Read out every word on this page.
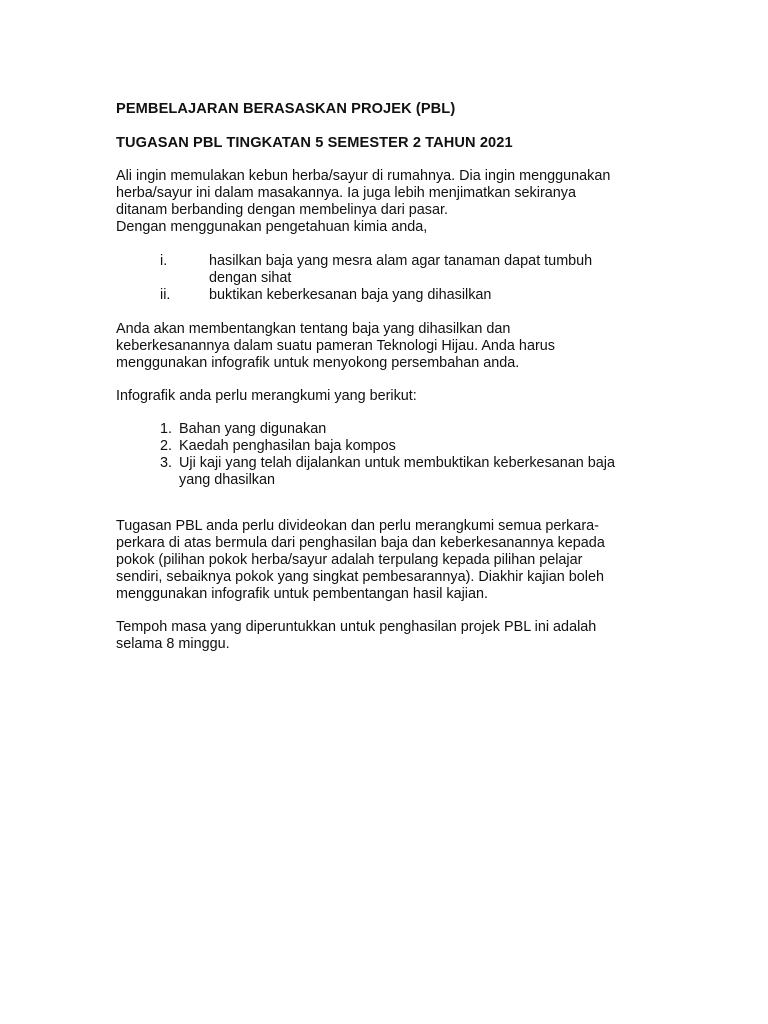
PEMBELAJARAN BERASASKAN PROJEK (PBL)
TUGASAN PBL TINGKATAN 5 SEMESTER 2 TAHUN 2021
Ali ingin memulakan kebun herba/sayur di rumahnya. Dia ingin menggunakan
herba/sayur ini dalam masakannya. Ia juga lebih menjimatkan sekiranya
ditanam berbanding dengan membelinya dari pasar.
Dengan menggunakan pengetahuan kimia anda,
i.	hasilkan baja yang mesra alam agar tanaman dapat tumbuh
dengan sihat
ii.	buktikan keberkesanan baja yang dihasilkan
Anda akan membentangkan tentang baja yang dihasilkan dan
keberkesanannya dalam suatu pameran Teknologi Hijau. Anda harus
menggunakan infografik untuk menyokong persembahan anda.
Infografik anda perlu merangkumi yang berikut:
1. Bahan yang digunakan
2. Kaedah penghasilan baja kompos
3. Uji kaji yang telah dijalankan untuk membuktikan keberkesanan baja
yang dhasilkan
Tugasan PBL anda perlu divideokan dan perlu merangkumi semua perkara-
perkara di atas bermula dari penghasilan baja dan keberkesanannya kepada
pokok (pilihan pokok herba/sayur adalah terpulang kepada pilihan pelajar
sendiri, sebaiknya pokok yang singkat pembesarannya). Diakhir kajian boleh
menggunakan infografik untuk pembentangan hasil kajian.
Tempoh masa yang diperuntukkan untuk penghasilan projek PBL ini adalah
selama 8 minggu.
